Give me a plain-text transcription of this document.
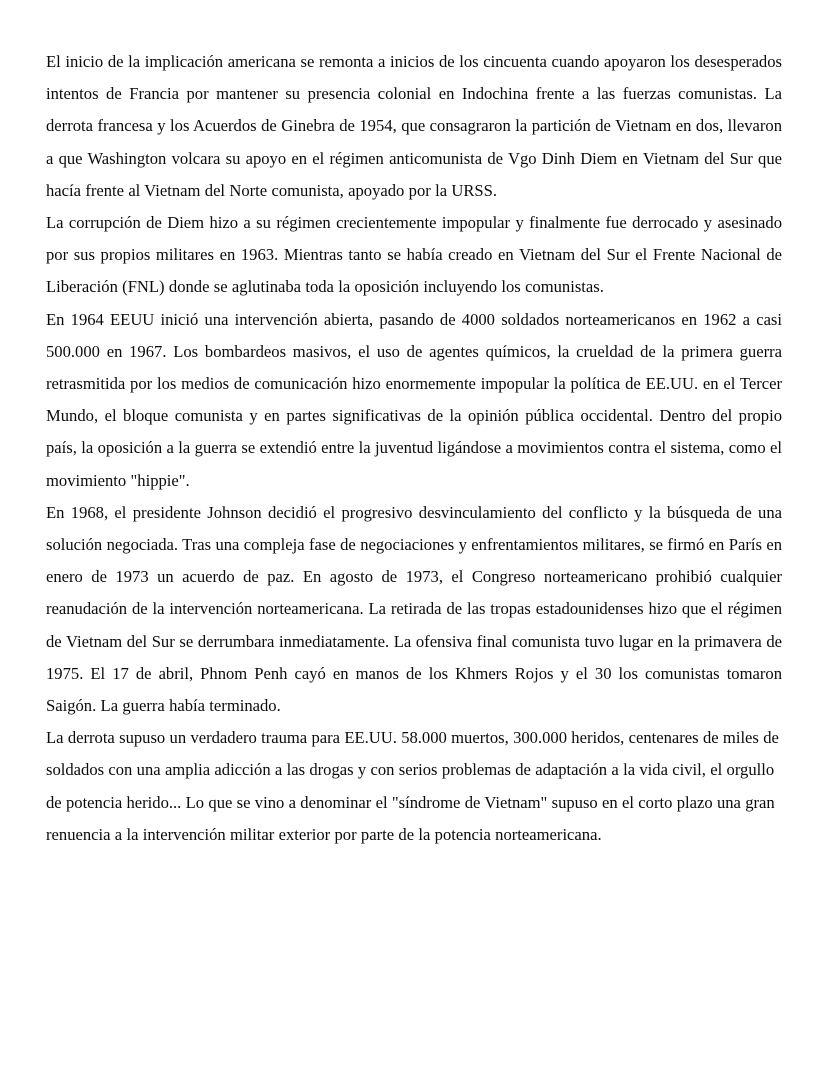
El inicio de la implicación americana se remonta a inicios de los cincuenta cuando apoyaron los desesperados intentos de Francia por mantener su presencia colonial en Indochina frente a las fuerzas comunistas. La derrota francesa y los Acuerdos de Ginebra de 1954, que consagraron la partición de Vietnam en dos, llevaron a que Washington volcara su apoyo en el régimen anticomunista de Vgo Dinh Diem en Vietnam del Sur que hacía frente al Vietnam del Norte comunista, apoyado por la URSS.

La corrupción de Diem hizo a su régimen crecientemente impopular y finalmente fue derrocado y asesinado por sus propios militares en 1963. Mientras tanto se había creado en Vietnam del Sur el Frente Nacional de Liberación (FNL) donde se aglutinaba toda la oposición incluyendo los comunistas.

En 1964 EEUU inició una intervención abierta, pasando de 4000 soldados norteamericanos en 1962 a casi 500.000 en 1967. Los bombardeos masivos, el uso de agentes químicos, la crueldad de la primera guerra retrasmitida por los medios de comunicación hizo enormemente impopular la política de EE.UU. en el Tercer Mundo, el bloque comunista y en partes significativas de la opinión pública occidental. Dentro del propio país, la oposición a la guerra se extendió entre la juventud ligándose a movimientos contra el sistema, como el movimiento "hippie".

En 1968, el presidente Johnson decidió el progresivo desvinculamiento del conflicto y la búsqueda de una solución negociada. Tras una compleja fase de negociaciones y enfrentamientos militares, se firmó en París en enero de 1973 un acuerdo de paz. En agosto de 1973, el Congreso norteamericano prohibió cualquier reanudación de la intervención norteamericana. La retirada de las tropas estadounidenses hizo que el régimen de Vietnam del Sur se derrumbara inmediatamente. La ofensiva final comunista tuvo lugar en la primavera de 1975. El 17 de abril, Phnom Penh cayó en manos de los Khmers Rojos y el 30 los comunistas tomaron Saigón. La guerra había terminado.

La derrota supuso un verdadero trauma para EE.UU. 58.000 muertos, 300.000 heridos, centenares de miles de soldados con una amplia adicción a las drogas y con serios problemas de adaptación a la vida civil, el orgullo de potencia herido... Lo que se vino a denominar el "síndrome de Vietnam" supuso en el corto plazo una gran renuencia a la intervención militar exterior por parte de la potencia norteamericana.
